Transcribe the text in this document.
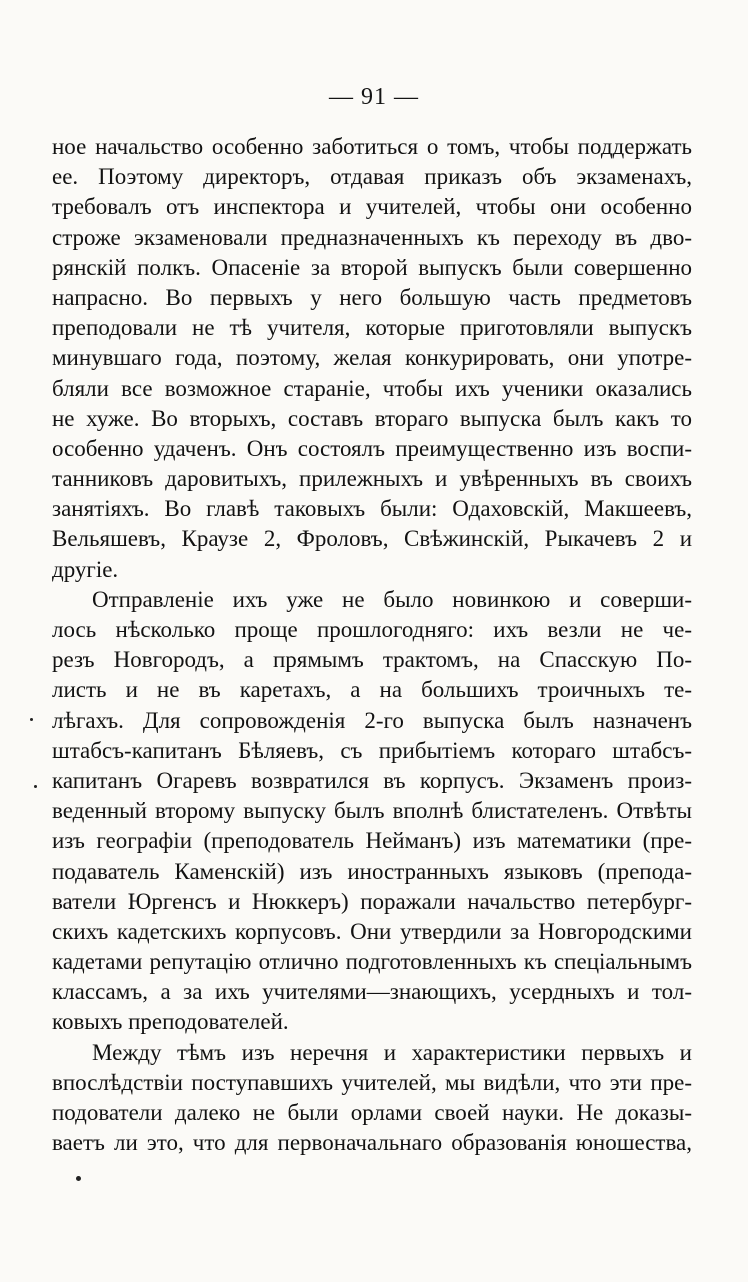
— 91 —
ное начальство особенно заботиться о томъ, чтобы поддержать
ее. Поэтому директоръ, отдавая приказъ объ экзаменахъ,
требовалъ отъ инспектора и учителей, чтобы они особенно
строже экзаменовали предназначенныхъ къ переходу въ дво-
рянскій полкъ. Опасеніе за второй выпускъ были совершенно
напрасно. Во первыхъ у него большую часть предметовъ
преподовали не тѣ учителя, которые приготовляли выпускъ
минувшаго года, поэтому, желая конкурировать, они употре-
бляли все возможное стараніе, чтобы ихъ ученики оказались
не хуже. Во вторыхъ, составъ втораго выпуска былъ какъ то
особенно удаченъ. Онъ состоялъ преимущественно изъ воспи-
танниковъ даровитыхъ, прилежныхъ и увѣренныхъ въ своихъ
занятіяхъ. Во главѣ таковыхъ были: Одаховскій, Макшеевъ,
Вельяшевъ, Краузе 2, Фроловъ, Свѣжинскій, Рыкачевъ 2 и
другіе.
Отправленіе ихъ уже не было новинкою и соверши-
лось нѣсколько проще прошлогодняго: ихъ везли не че-
резъ Новгородъ, а прямымъ трактомъ, на Спасскую По-
листь и не въ каретахъ, а на большихъ троичныхъ те-
лѣгахъ. Для сопровожденія 2-го выпуска былъ назначенъ
штабсъ-капитанъ Бѣляевъ, съ прибытіемъ котораго штабсъ-
капитанъ Огаревъ возвратился въ корпусъ. Экзаменъ произ-
веденный второму выпуску былъ вполнѣ блистателенъ. Отвѣты
изъ географіи (преподователь Нейманъ) изъ математики (пре-
подаватель Каменскій) изъ иностранныхъ языковъ (препода-
ватели Юргенсъ и Нюккеръ) поражали начальство петербург-
скихъ кадетскихъ корпусовъ. Они утвердили за Новгородскими
кадетами репутацію отлично подготовленныхъ къ спеціальнымъ
классамъ, а за ихъ учителями—знающихъ, усердныхъ и тол-
ковыхъ преподователей.
Между тѣмъ изъ неречня и характеристики первыхъ и
впослѣдствіи поступавшихъ учителей, мы видѣли, что эти пре-
подователи далеко не были орлами своей науки. Не доказы-
ваетъ ли это, что для первоначальнаго образованія юношества,
